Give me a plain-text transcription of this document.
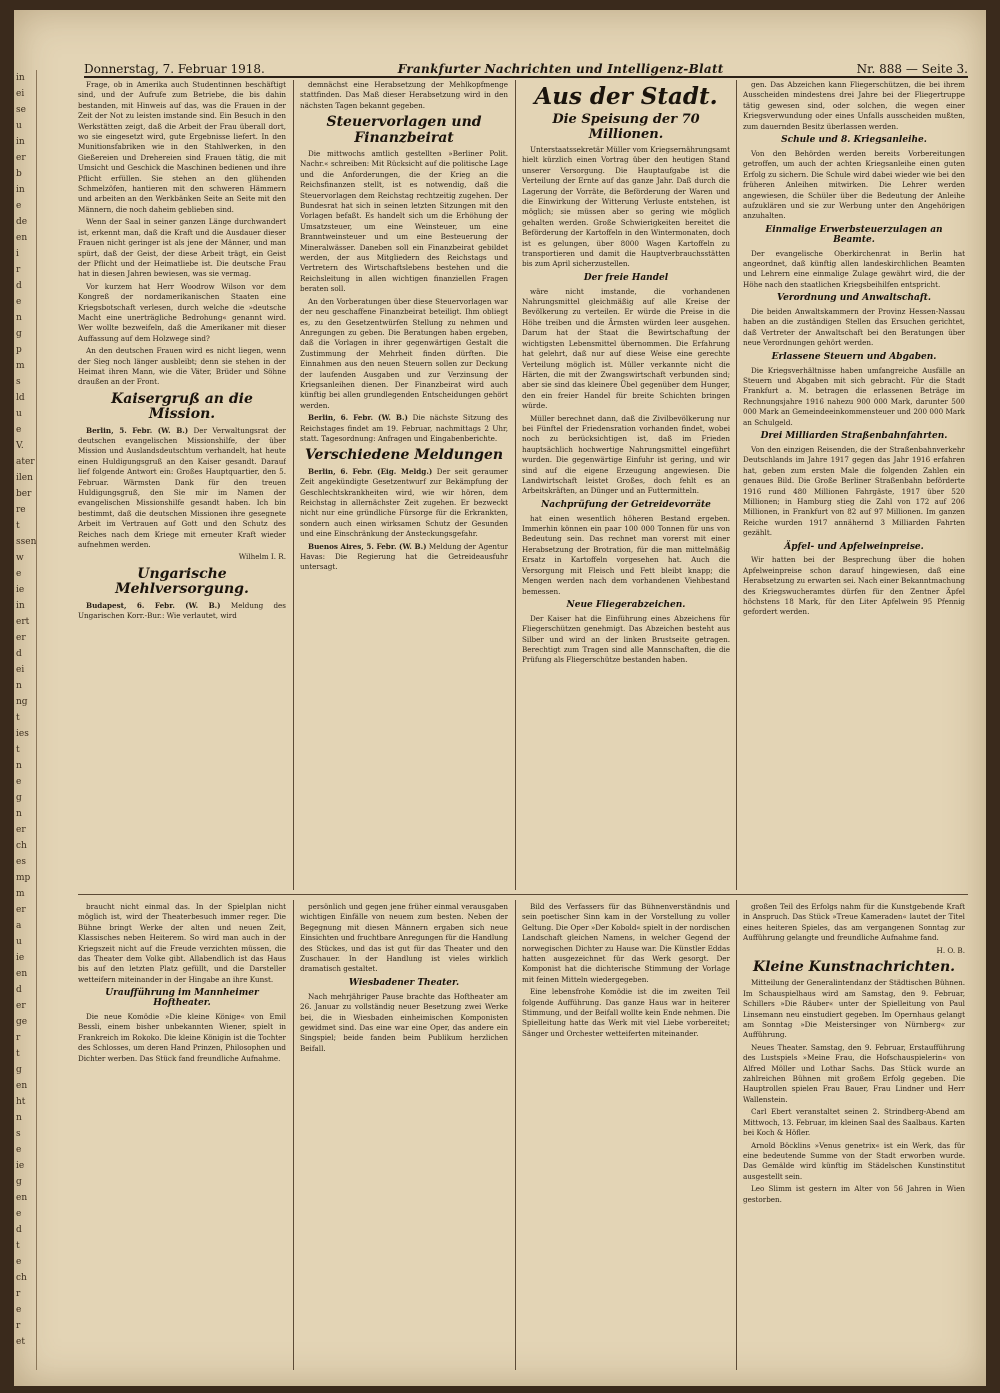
in
ei
se
u
in
er
b
in
e
de
en
i
r
d
e
n
g
p
m
s
ld
u
e
V.
ater
ilen
ber
re
t
ssen
w
e
ie
in
ert
er
d
ei
n
ng
t
ies
t
n
e
g
n
er
ch
es
mp
m
er
a
u
ie
en
d
er
ge
r
t
g
en
ht
n
s
e
ie
g
en
e
d
t
e
ch
r
e
r
et
Donnerstag, 7. Februar 1918.	Frankfurter Nachrichten und Intelligenz-Blatt	Nr. 888 — Seite 3.

Frage, ob in Amerika auch Studentinnen beschäftigt sind, und der Aufrufe zum Betriebe, die bis dahin bestanden, mit Hinweis auf das, was die Frauen in der Zeit der Not zu leisten imstande sind. Ein Besuch in den Werkstätten zeigt, daß die Arbeit der Frau überall dort, wo sie eingesetzt wird, gute Ergebnisse liefert. In den Munitionsfabriken wie in den Stahlwerken, in den Gießereien und Drehereien sind Frauen tätig, die mit Umsicht und Geschick die Maschinen bedienen und ihre Pflicht erfüllen. Sie stehen an den glühenden Schmelzöfen, hantieren mit den schweren Hämmern und arbeiten an den Werkbänken Seite an Seite mit den Männern, die noch daheim geblieben sind.

Wenn der Saal in seiner ganzen Länge durchwandert ist, erkennt man, daß die Kraft und die Ausdauer dieser Frauen nicht geringer ist als jene der Männer, und man spürt, daß der Geist, der diese Arbeit trägt, ein Geist der Pflicht und der Heimatliebe ist. Die deutsche Frau hat in diesen Jahren bewiesen, was sie vermag.

Vor kurzem hat Herr Woodrow Wilson vor dem Kongreß der nordamerikanischen Staaten eine Kriegsbotschaft verlesen, durch welche die »deutsche Macht eine unerträgliche Bedrohung« genannt wird. Wer wollte bezweifeln, daß die Amerikaner mit dieser Auffassung auf dem Holzwege sind?

An den deutschen Frauen wird es nicht liegen, wenn der Sieg noch länger ausbleibt; denn sie stehen in der Heimat ihren Mann, wie die Väter, Brüder und Söhne draußen an der Front.

Kaisergruß an die Mission.

Berlin, 5. Febr. (W. B.) Der Verwaltungsrat der deutschen evangelischen Missionshilfe, der über Mission und Auslandsdeutschtum verhandelt, hat heute einen Huldigungsgruß an den Kaiser gesandt. Darauf lief folgende Antwort ein: Großes Hauptquartier, den 5. Februar. Wärmsten Dank für den treuen Huldigungsgruß, den Sie mir im Namen der evangelischen Missionshilfe gesandt haben. Ich bin bestimmt, daß die deutschen Missionen ihre gesegnete Arbeit im Vertrauen auf Gott und den Schutz des Reiches nach dem Kriege mit erneuter Kraft wieder aufnehmen werden.

Wilhelm I. R.

Ungarische Mehlversorgung.

Budapest, 6. Febr. (W. B.) Meldung des Ungarischen Korr.-Bur.: Wie verlautet, wird

demnächst eine Herabsetzung der Mehlkopfmenge stattfinden. Das Maß dieser Herabsetzung wird in den nächsten Tagen bekannt gegeben.

Steuervorlagen und Finanzbeirat

Die mittwochs amtlich gestellten »Berliner Polit. Nachr.« schreiben: Mit Rücksicht auf die politische Lage und die Anforderungen, die der Krieg an die Reichsfinanzen stellt, ist es notwendig, daß die Steuervorlagen dem Reichstag rechtzeitig zugehen. Der Bundesrat hat sich in seinen letzten Sitzungen mit den Vorlagen befaßt. Es handelt sich um die Erhöhung der Umsatzsteuer, um eine Weinsteuer, um eine Branntweinsteuer und um eine Besteuerung der Mineralwässer. Daneben soll ein Finanzbeirat gebildet werden, der aus Mitgliedern des Reichstags und Vertretern des Wirtschaftslebens bestehen und die Reichsleitung in allen wichtigen finanziellen Fragen beraten soll.

An den Vorberatungen über diese Steuervorlagen war der neu geschaffene Finanzbeirat beteiligt. Ihm obliegt es, zu den Gesetzentwürfen Stellung zu nehmen und Anregungen zu geben. Die Beratungen haben ergeben, daß die Vorlagen in ihrer gegenwärtigen Gestalt die Zustimmung der Mehrheit finden dürften. Die Einnahmen aus den neuen Steuern sollen zur Deckung der laufenden Ausgaben und zur Verzinsung der Kriegsanleihen dienen. Der Finanzbeirat wird auch künftig bei allen grundlegenden Entscheidungen gehört werden.

Berlin, 6. Febr. (W. B.) Die nächste Sitzung des Reichstages findet am 19. Februar, nachmittags 2 Uhr, statt. Tagesordnung: Anfragen und Eingabenberichte.

Verschiedene Meldungen

Berlin, 6. Febr. (Eig. Meldg.) Der seit geraumer Zeit angekündigte Gesetzentwurf zur Bekämpfung der Geschlechtskrankheiten wird, wie wir hören, dem Reichstag in allernächster Zeit zugehen. Er bezweckt nicht nur eine gründliche Fürsorge für die Erkrankten, sondern auch einen wirksamen Schutz der Gesunden und eine Einschränkung der Ansteckungsgefahr.

Buenos Aires, 5. Febr. (W. B.) Meldung der Agentur Havas: Die Regierung hat die Getreideausfuhr untersagt.

Aus der Stadt.
Die Speisung der 70 Millionen.

Unterstaatssekretär Müller vom Kriegsernährungsamt hielt kürzlich einen Vortrag über den heutigen Stand unserer Versorgung. Die Hauptaufgabe ist die Verteilung der Ernte auf das ganze Jahr. Daß durch die Lagerung der Vorräte, die Beförderung der Waren und die Einwirkung der Witterung Verluste entstehen, ist möglich; sie müssen aber so gering wie möglich gehalten werden. Große Schwierigkeiten bereitet die Beförderung der Kartoffeln in den Wintermonaten, doch ist es gelungen, über 8000 Wagen Kartoffeln zu transportieren und damit die Hauptverbrauchsstätten bis zum April sicherzustellen.

Der freie Handel

wäre nicht imstande, die vorhandenen Nahrungsmittel gleichmäßig auf alle Kreise der Bevölkerung zu verteilen. Er würde die Preise in die Höhe treiben und die Ärmsten würden leer ausgehen. Darum hat der Staat die Bewirtschaftung der wichtigsten Lebensmittel übernommen. Die Erfahrung hat gelehrt, daß nur auf diese Weise eine gerechte Verteilung möglich ist. Müller verkannte nicht die Härten, die mit der Zwangswirtschaft verbunden sind; aber sie sind das kleinere Übel gegenüber dem Hunger, den ein freier Handel für breite Schichten bringen würde.

Müller berechnet dann, daß die Zivilbevölkerung nur bei Fünftel der Friedensration vorhanden findet, wobei noch zu berücksichtigen ist, daß im Frieden hauptsächlich hochwertige Nahrungsmittel eingeführt wurden. Die gegenwärtige Einfuhr ist gering, und wir sind auf die eigene Erzeugung angewiesen. Die Landwirtschaft leistet Großes, doch fehlt es an Arbeitskräften, an Dünger und an Futtermitteln.

Nachprüfung der Getreidevorräte

hat einen wesentlich höheren Bestand ergeben. Immerhin können ein paar 100 000 Tonnen für uns von Bedeutung sein. Das rechnet man vorerst mit einer Herabsetzung der Brotration, für die man mittelmäßig Ersatz in Kartoffeln vorgesehen hat. Auch die Versorgung mit Fleisch und Fett bleibt knapp; die Mengen werden nach dem vorhandenen Viehbestand bemessen.

Neue Fliegerabzeichen.

Der Kaiser hat die Einführung eines Abzeichens für Fliegerschützen genehmigt. Das Abzeichen besteht aus Silber und wird an der linken Brustseite getragen. Berechtigt zum Tragen sind alle Mannschaften, die die Prüfung als Fliegerschütze bestanden haben.

gen. Das Abzeichen kann Fliegerschützen, die bei ihrem Ausscheiden mindestens drei Jahre bei der Fliegertruppe tätig gewesen sind, oder solchen, die wegen einer Kriegsverwundung oder eines Unfalls ausscheiden mußten, zum dauernden Besitz überlassen werden.

Schule und 8. Kriegsanleihe.

Von den Behörden werden bereits Vorbereitungen getroffen, um auch der achten Kriegsanleihe einen guten Erfolg zu sichern. Die Schule wird dabei wieder wie bei den früheren Anleihen mitwirken. Die Lehrer werden angewiesen, die Schüler über die Bedeutung der Anleihe aufzuklären und sie zur Werbung unter den Angehörigen anzuhalten.

Einmalige Erwerbsteuerzulagen an Beamte.

Der evangelische Oberkirchenrat in Berlin hat angeordnet, daß künftig allen landeskirchlichen Beamten und Lehrern eine einmalige Zulage gewährt wird, die der Höhe nach den staatlichen Kriegsbeihilfen entspricht.

Verordnung und Anwaltschaft.

Die beiden Anwaltskammern der Provinz Hessen-Nassau haben an die zuständigen Stellen das Ersuchen gerichtet, daß Vertreter der Anwaltschaft bei den Beratungen über neue Verordnungen gehört werden.

Erlassene Steuern und Abgaben.

Die Kriegsverhältnisse haben umfangreiche Ausfälle an Steuern und Abgaben mit sich gebracht. Für die Stadt Frankfurt a. M. betragen die erlassenen Beträge im Rechnungsjahre 1916 nahezu 900 000 Mark, darunter 500 000 Mark an Gemeindeeinkommensteuer und 200 000 Mark an Schulgeld.

Drei Milliarden Straßenbahnfahrten.

Von den einzigen Reisenden, die der Straßenbahnverkehr Deutschlands im Jahre 1917 gegen das Jahr 1916 erfahren hat, geben zum ersten Male die folgenden Zahlen ein genaues Bild. Die Große Berliner Straßenbahn beförderte 1916 rund 480 Millionen Fahrgäste, 1917 über 520 Millionen; in Hamburg stieg die Zahl von 172 auf 206 Millionen, in Frankfurt von 82 auf 97 Millionen. Im ganzen Reiche wurden 1917 annähernd 3 Milliarden Fahrten gezählt.

Äpfel- und Apfelweinpreise.

Wir hatten bei der Besprechung über die hohen Apfelweinpreise schon darauf hingewiesen, daß eine Herabsetzung zu erwarten sei. Nach einer Bekanntmachung des Kriegswucheramtes dürfen für den Zentner Äpfel höchstens 18 Mark, für den Liter Apfelwein 95 Pfennig gefordert werden.

braucht nicht einmal das. In der Spielplan nicht möglich ist, wird der Theaterbesuch immer reger. Die Bühne bringt Werke der alten und neuen Zeit, Klassisches neben Heiterem. So wird man auch in der Kriegszeit nicht auf die Freude verzichten müssen, die das Theater dem Volke gibt. Allabendlich ist das Haus bis auf den letzten Platz gefüllt, und die Darsteller wetteifern miteinander in der Hingabe an ihre Kunst.

Uraufführung im Mannheimer Hoftheater.

Die neue Komödie »Die kleine Könige« von Emil Bessli, einem bisher unbekannten Wiener, spielt in Frankreich im Rokoko. Die kleine Königin ist die Tochter des Schlosses, um deren Hand Prinzen, Philosophen und Dichter werben. Das Stück fand freundliche Aufnahme.

persönlich und gegen jene früher einmal verausgaben wichtigen Einfälle von neuem zum besten. Neben der Begegnung mit diesen Männern ergaben sich neue Einsichten und fruchtbare Anregungen für die Handlung des Stückes, und das ist gut für das Theater und den Zuschauer. In der Handlung ist vieles wirklich dramatisch gestaltet.

Wiesbadener Theater.

Nach mehrjähriger Pause brachte das Hoftheater am 26. Januar zu vollständig neuer Besetzung zwei Werke bei, die in Wiesbaden einheimischen Komponisten gewidmet sind. Das eine war eine Oper, das andere ein Singspiel; beide fanden beim Publikum herzlichen Beifall.

Bild des Verfassers für das Bühnenverständnis und sein poetischer Sinn kam in der Vorstellung zu voller Geltung. Die Oper »Der Kobold« spielt in der nordischen Landschaft gleichen Namens, in welcher Gegend der norwegischen Dichter zu Hause war. Die Künstler Eddas hatten ausgezeichnet für das Werk gesorgt. Der Komponist hat die dichterische Stimmung der Vorlage mit feinen Mitteln wiedergegeben.

Eine lebensfrohe Komödie ist die im zweiten Teil folgende Aufführung. Das ganze Haus war in heiterer Stimmung, und der Beifall wollte kein Ende nehmen. Die Spielleitung hatte das Werk mit viel Liebe vorbereitet; Sänger und Orchester wetteiferten miteinander.

großen Teil des Erfolgs nahm für die Kunstgebende Kraft in Anspruch. Das Stück »Treue Kameraden« lautet der Titel eines heiteren Spieles, das am vergangenen Sonntag zur Aufführung gelangte und freundliche Aufnahme fand.

H. O. B.

Kleine Kunstnachrichten.

Mitteilung der Generalintendanz der Städtischen Bühnen. Im Schauspielhaus wird am Samstag, den 9. Februar, Schillers »Die Räuber« unter der Spielleitung von Paul Linsemann neu einstudiert gegeben. Im Opernhaus gelangt am Sonntag »Die Meistersinger von Nürnberg« zur Aufführung.

Neues Theater. Samstag, den 9. Februar, Erstaufführung des Lustspiels »Meine Frau, die Hofschauspielerin« von Alfred Möller und Lothar Sachs. Das Stück wurde an zahlreichen Bühnen mit großem Erfolg gegeben. Die Hauptrollen spielen Frau Bauer, Frau Lindner und Herr Wallenstein.

Carl Ebert veranstaltet seinen 2. Strindberg-Abend am Mittwoch, 13. Februar, im kleinen Saal des Saalbaus. Karten bei Koch & Höfler.

Arnold Böcklins »Venus genetrix« ist ein Werk, das für eine bedeutende Summe von der Stadt erworben wurde. Das Gemälde wird künftig im Städelschen Kunstinstitut ausgestellt sein.

Leo Slimm ist gestern im Alter von 56 Jahren in Wien gestorben.
